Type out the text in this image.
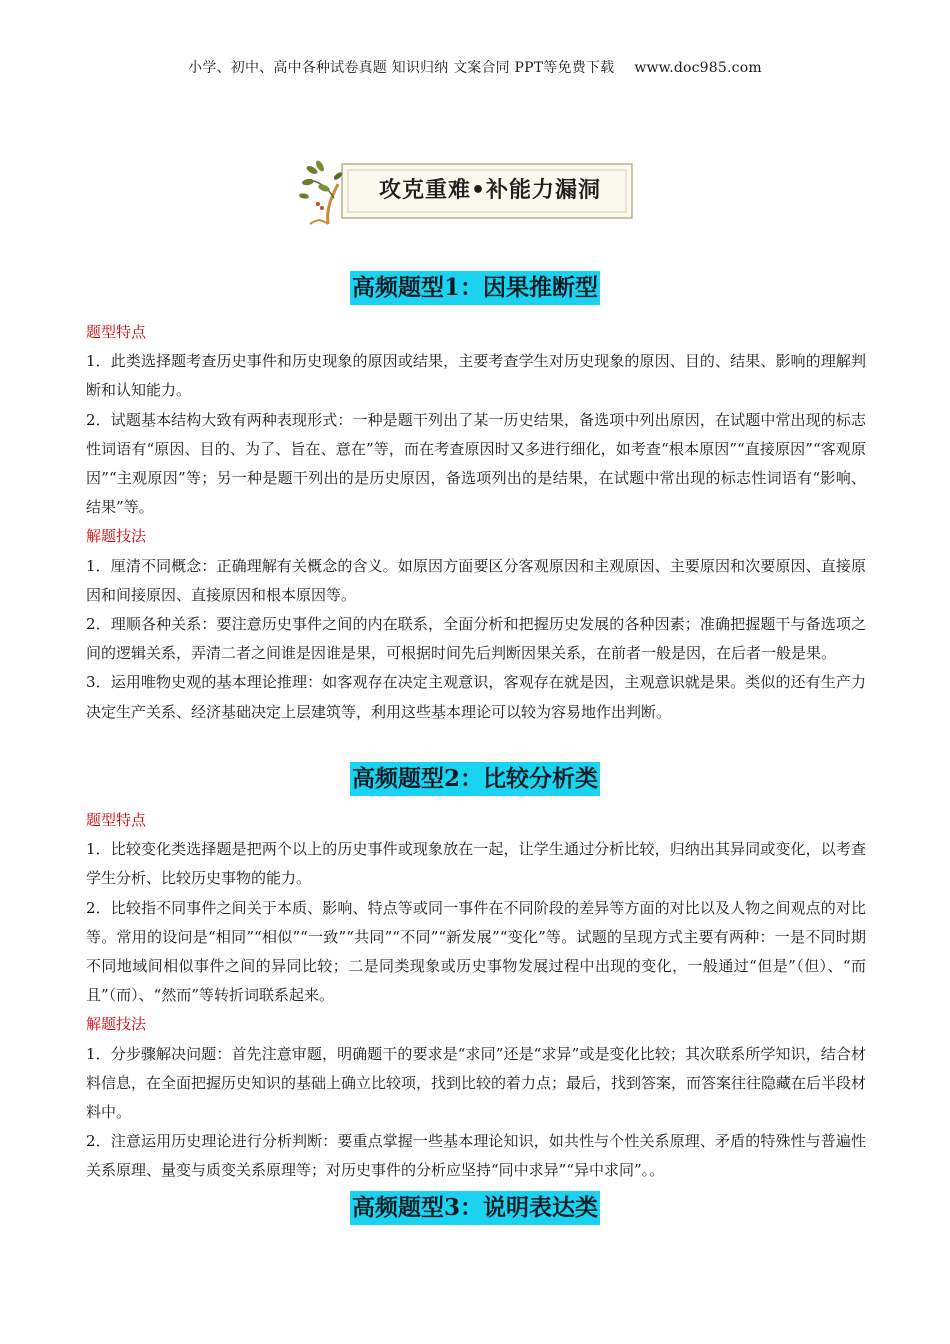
小学、初中、高中各种试卷真题 知识归纳 文案合同 PPT等免费下载 www.doc985.com
攻克重难•补能力漏洞
高频题型1：因果推断型
题型特点

1．此类选择题考查历史事件和历史现象的原因或结果，主要考查学生对历史现象的原因、目的、结果、影响的理解判断和认知能力。

2．试题基本结构大致有两种表现形式：一种是题干列出了某一历史结果，备选项中列出原因，在试题中常出现的标志性词语有“原因、目的、为了、旨在、意在”等，而在考查原因时又多进行细化，如考查“根本原因”“直接原因”“客观原因”“主观原因”等；另一种是题干列出的是历史原因，备选项列出的是结果，在试题中常出现的标志性词语有“影响、结果”等。

解题技法

1．厘清不同概念：正确理解有关概念的含义。如原因方面要区分客观原因和主观原因、主要原因和次要原因、直接原因和间接原因、直接原因和根本原因等。

2．理顺各种关系：要注意历史事件之间的内在联系，全面分析和把握历史发展的各种因素；准确把握题干与备选项之间的逻辑关系，弄清二者之间谁是因谁是果，可根据时间先后判断因果关系，在前者一般是因，在后者一般是果。

3．运用唯物史观的基本理论推理：如客观存在决定主观意识，客观存在就是因，主观意识就是果。类似的还有生产力决定生产关系、经济基础决定上层建筑等，利用这些基本理论可以较为容易地作出判断。

高频题型2：比较分析类
题型特点

1．比较变化类选择题是把两个以上的历史事件或现象放在一起，让学生通过分析比较，归纳出其异同或变化，以考查学生分析、比较历史事物的能力。

2．比较指不同事件之间关于本质、影响、特点等或同一事件在不同阶段的差异等方面的对比以及人物之间观点的对比等。常用的设问是“相同”“相似”“一致”“共同”“不同”“新发展”“变化”等。试题的呈现方式主要有两种：一是不同时期不同地域间相似事件之间的异同比较；二是同类现象或历史事物发展过程中出现的变化，一般通过“但是”（但）、“而且”（而）、“然而”等转折词联系起来。

解题技法

1．分步骤解决问题：首先注意审题，明确题干的要求是“求同”还是“求异”或是变化比较；其次联系所学知识，结合材料信息，在全面把握历史知识的基础上确立比较项，找到比较的着力点；最后，找到答案，而答案往往隐藏在后半段材料中。

2．注意运用历史理论进行分析判断：要重点掌握一些基本理论知识，如共性与个性关系原理、矛盾的特殊性与普遍性关系原理、量变与质变关系原理等；对历史事件的分析应坚持“同中求异”“异中求同”。。

高频题型3：说明表达类
